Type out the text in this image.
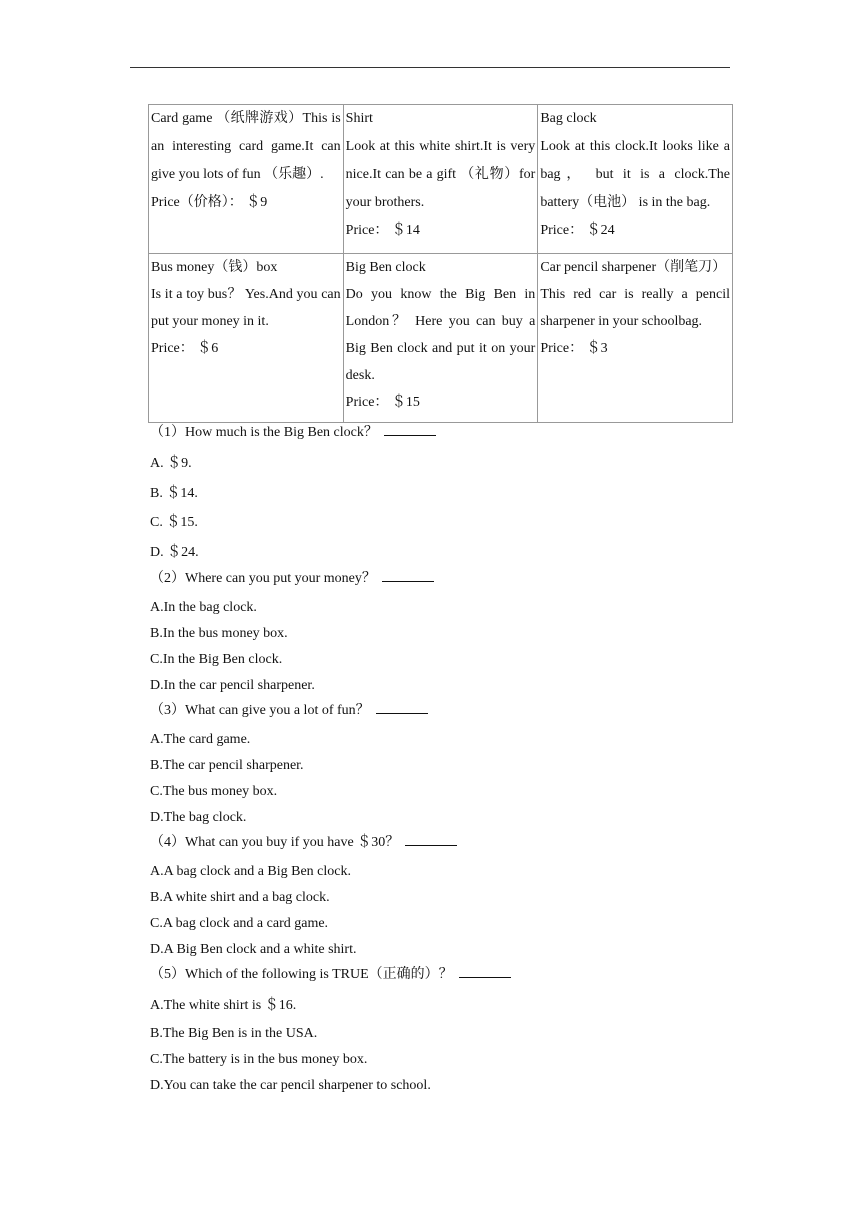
Card game （纸牌游戏）This is an interesting card game.It can give you lots of fun （乐趣）.
Price（价格）： ＄9	Shirt
Look at this white shirt.It is very nice.It can be a gift （礼物）for your brothers.
Price： ＄14	Bag clock
Look at this clock.It looks like a bag， but it is a clock.The battery（电池） is in the bag.
Price： ＄24

Bus money（钱）box
Is it a toy bus？ Yes.And you can put your money in it.
Price： ＄6	Big Ben clock
Do you know the Big Ben in London？ Here you can buy a Big Ben clock and put it on your desk.
Price： ＄15	Car pencil sharpener（削笔刀）
This red car is really a pencil sharpener in your schoolbag.
Price： ＄3

（1）How much is the Big Ben clock？

A. ＄9.

B. ＄14.

C. ＄15.

D. ＄24.

（2）Where can you put your money？

A.In the bag clock.

B.In the bus money box.

C.In the Big Ben clock.

D.In the car pencil sharpener.

（3）What can give you a lot of fun？

A.The card game.

B.The car pencil sharpener.

C.The bus money box.

D.The bag clock.

（4）What can you buy if you have ＄30？

A.A bag clock and a Big Ben clock.

B.A white shirt and a bag clock.

C.A bag clock and a card game.

D.A Big Ben clock and a white shirt.

（5）Which of the following is TRUE（正确的）？

A.The white shirt is ＄16.

B.The Big Ben is in the USA.

C.The battery is in the bus money box.

D.You can take the car pencil sharpener to school.
